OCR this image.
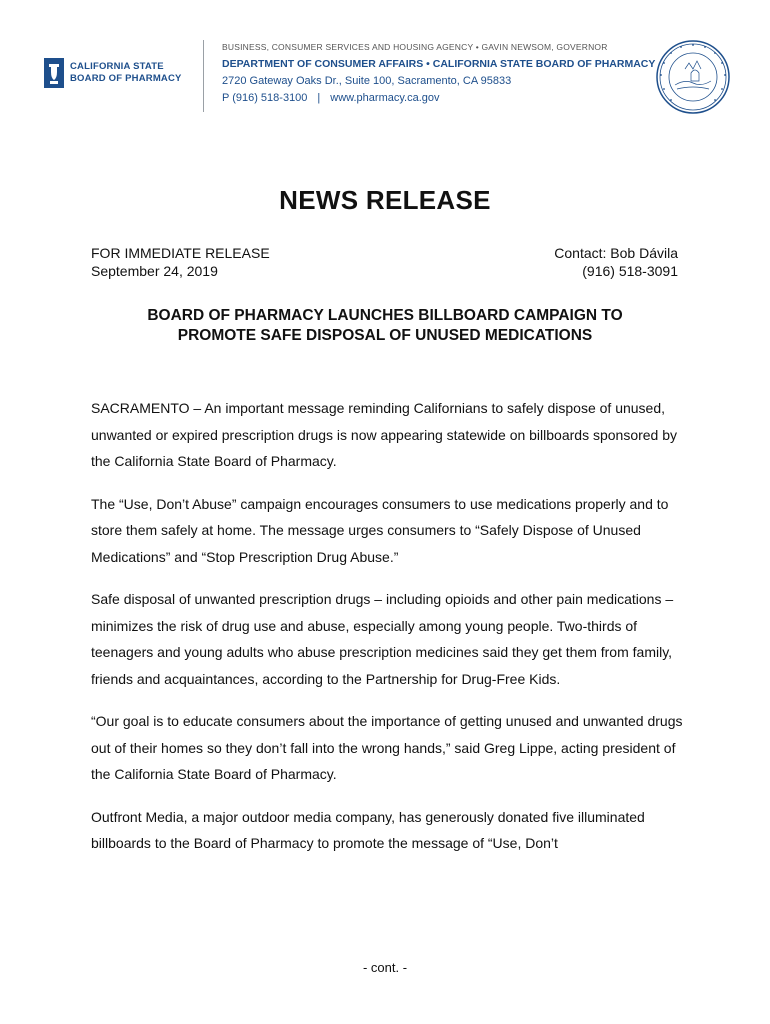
CALIFORNIA STATE
BOARD OF PHARMACY
BUSINESS, CONSUMER SERVICES AND HOUSING AGENCY • GAVIN NEWSOM, GOVERNOR
DEPARTMENT OF CONSUMER AFFAIRS • CALIFORNIA STATE BOARD OF PHARMACY
2720 Gateway Oaks Dr., Suite 100, Sacramento, CA 95833
P (916) 518-3100 | www.pharmacy.ca.gov
NEWS RELEASE
FOR IMMEDIATE RELEASE
September 24, 2019
Contact: Bob Dávila
(916) 518-3091
BOARD OF PHARMACY LAUNCHES BILLBOARD CAMPAIGN TO
PROMOTE SAFE DISPOSAL OF UNUSED MEDICATIONS

SACRAMENTO – An important message reminding Californians to safely dispose of unused, unwanted or expired prescription drugs is now appearing statewide on billboards sponsored by the California State Board of Pharmacy.

The “Use, Don’t Abuse” campaign encourages consumers to use medications properly and to store them safely at home. The message urges consumers to “Safely Dispose of Unused Medications” and “Stop Prescription Drug Abuse.”

Safe disposal of unwanted prescription drugs – including opioids and other pain medications – minimizes the risk of drug use and abuse, especially among young people. Two-thirds of teenagers and young adults who abuse prescription medicines said they get them from family, friends and acquaintances, according to the Partnership for Drug-Free Kids.

“Our goal is to educate consumers about the importance of getting unused and unwanted drugs out of their homes so they don’t fall into the wrong hands,” said Greg Lippe, acting president of the California State Board of Pharmacy.

Outfront Media, a major outdoor media company, has generously donated five illuminated billboards to the Board of Pharmacy to promote the message of “Use, Don’t

- cont. -
